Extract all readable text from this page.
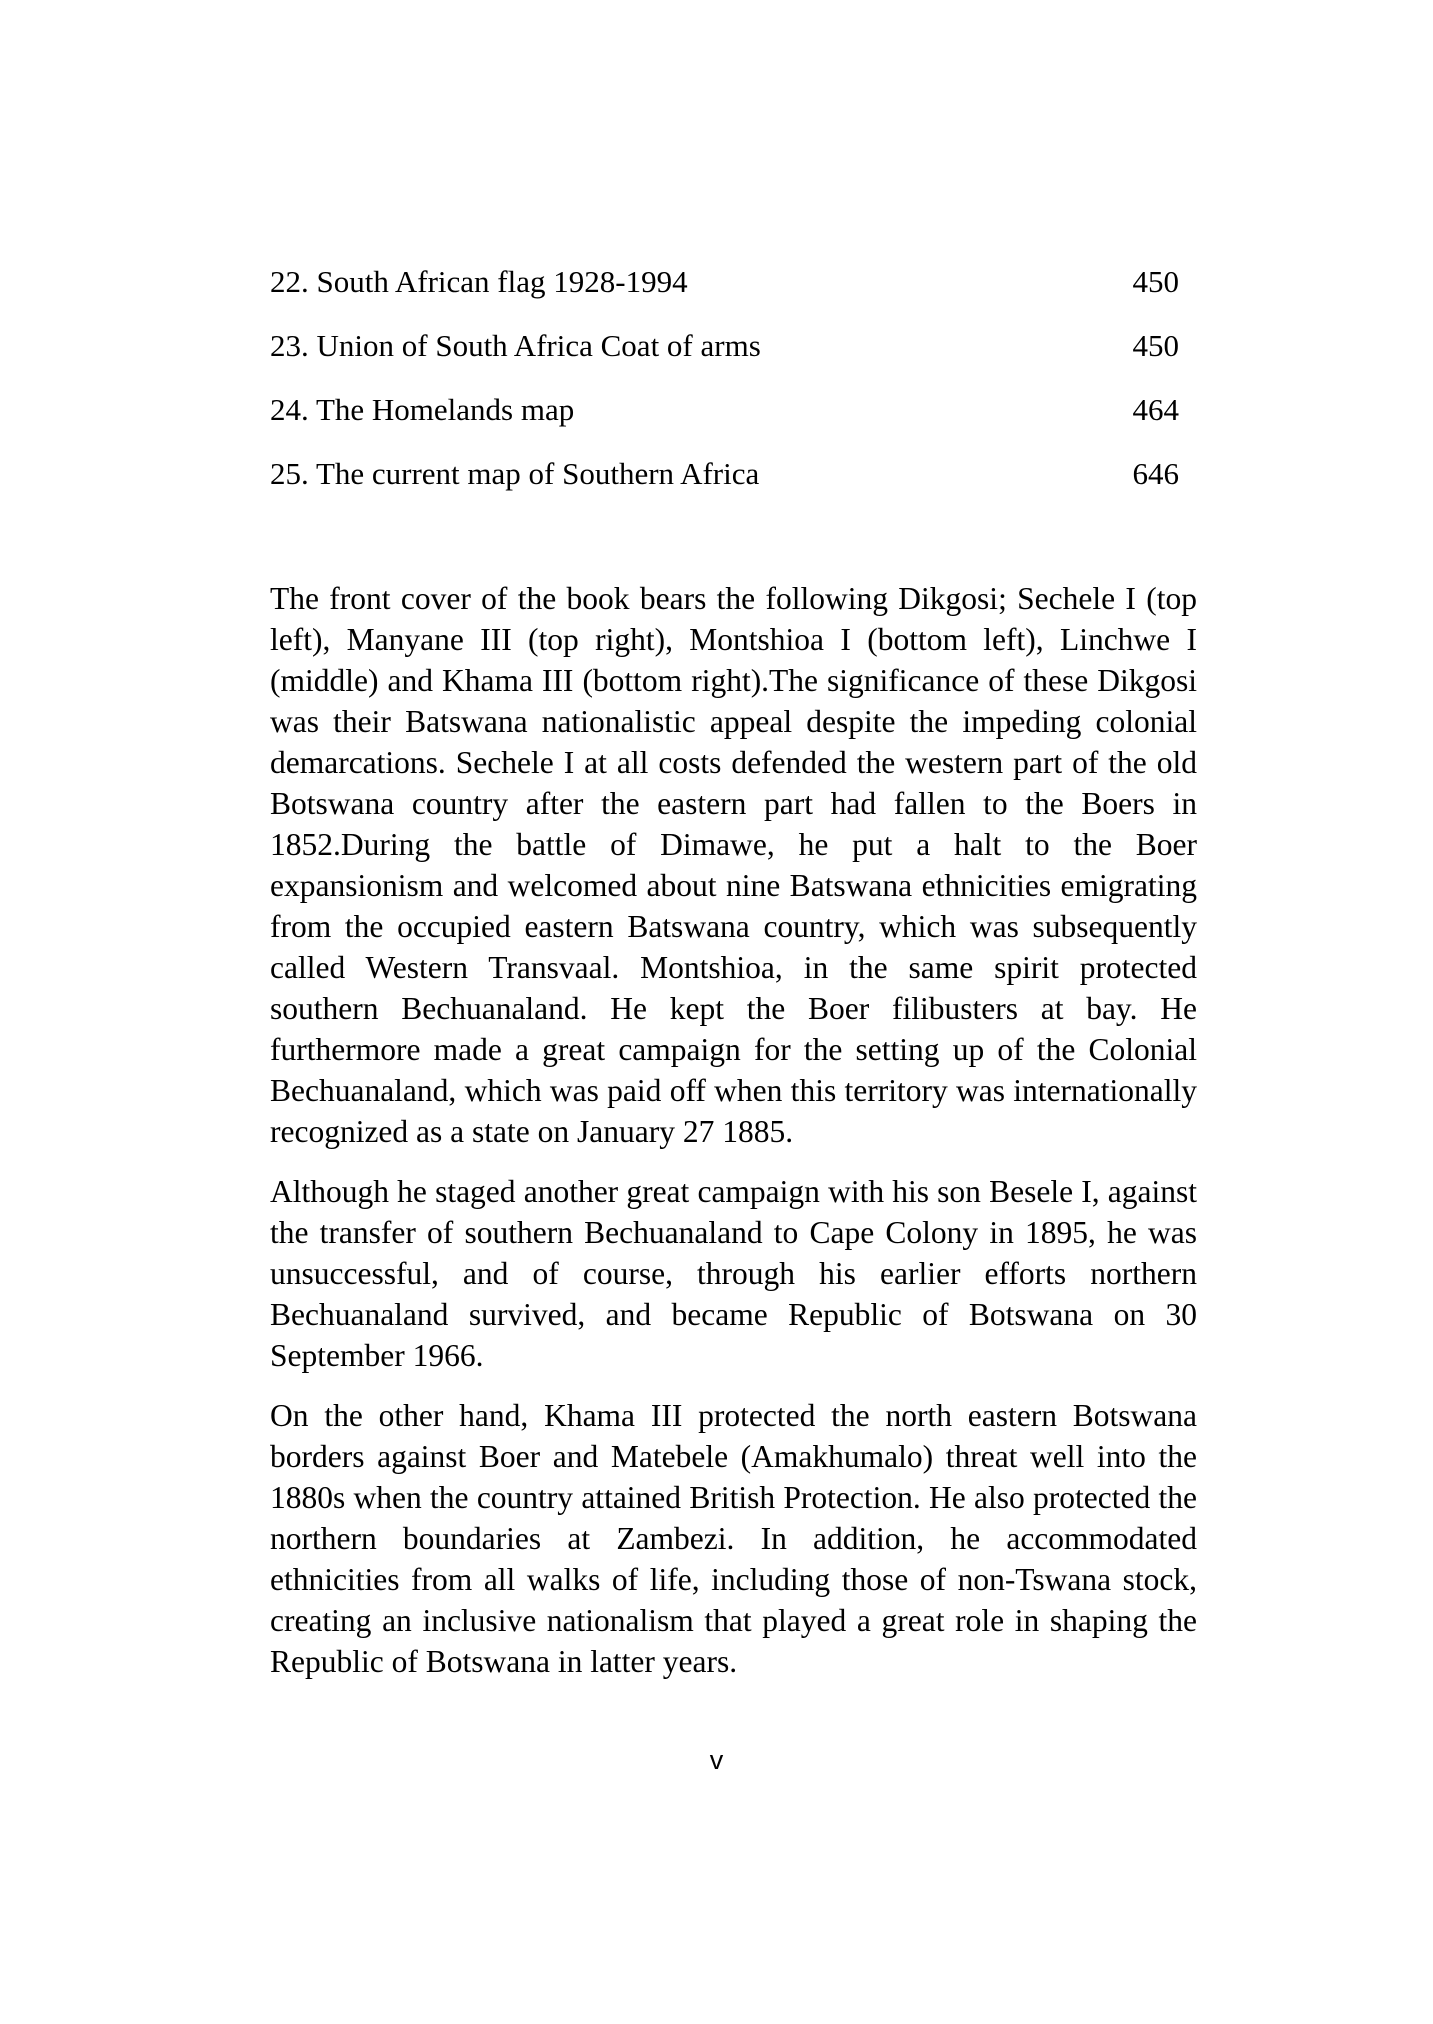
22. South African flag 1928-1994	450
23. Union of South Africa Coat of arms	450
24. The Homelands map	464
25. The current map of Southern Africa	646

The front cover of the book bears the following Dikgosi; Sechele I (top left), Manyane III (top right), Montshioa I (bottom left), Linchwe I (middle) and Khama III (bottom right).The significance of these Dikgosi was their Batswana nationalistic appeal despite the impeding colonial demarcations. Sechele I at all costs defended the western part of the old Botswana country after the eastern part had fallen to the Boers in 1852.During the battle of Dimawe, he put a halt to the Boer expansionism and welcomed about nine Batswana ethnicities emigrating from the occupied eastern Batswana country, which was subsequently called Western Transvaal. Montshioa, in the same spirit protected southern Bechuanaland. He kept the Boer filibusters at bay. He furthermore made a great campaign for the setting up of the Colonial Bechuanaland, which was paid off when this territory was internationally recognized as a state on January 27 1885.

Although he staged another great campaign with his son Besele I, against the transfer of southern Bechuanaland to Cape Colony in 1895, he was unsuccessful, and of course, through his earlier efforts northern Bechuanaland survived, and became Republic of Botswana on 30 September 1966.

On the other hand, Khama III protected the north eastern Botswana borders against Boer and Matebele (Amakhumalo) threat well into the 1880s when the country attained British Protection. He also protected the northern boundaries at Zambezi. In addition, he accommodated ethnicities from all walks of life, including those of non-Tswana stock, creating an inclusive nationalism that played a great role in shaping the Republic of Botswana in latter years.

v
